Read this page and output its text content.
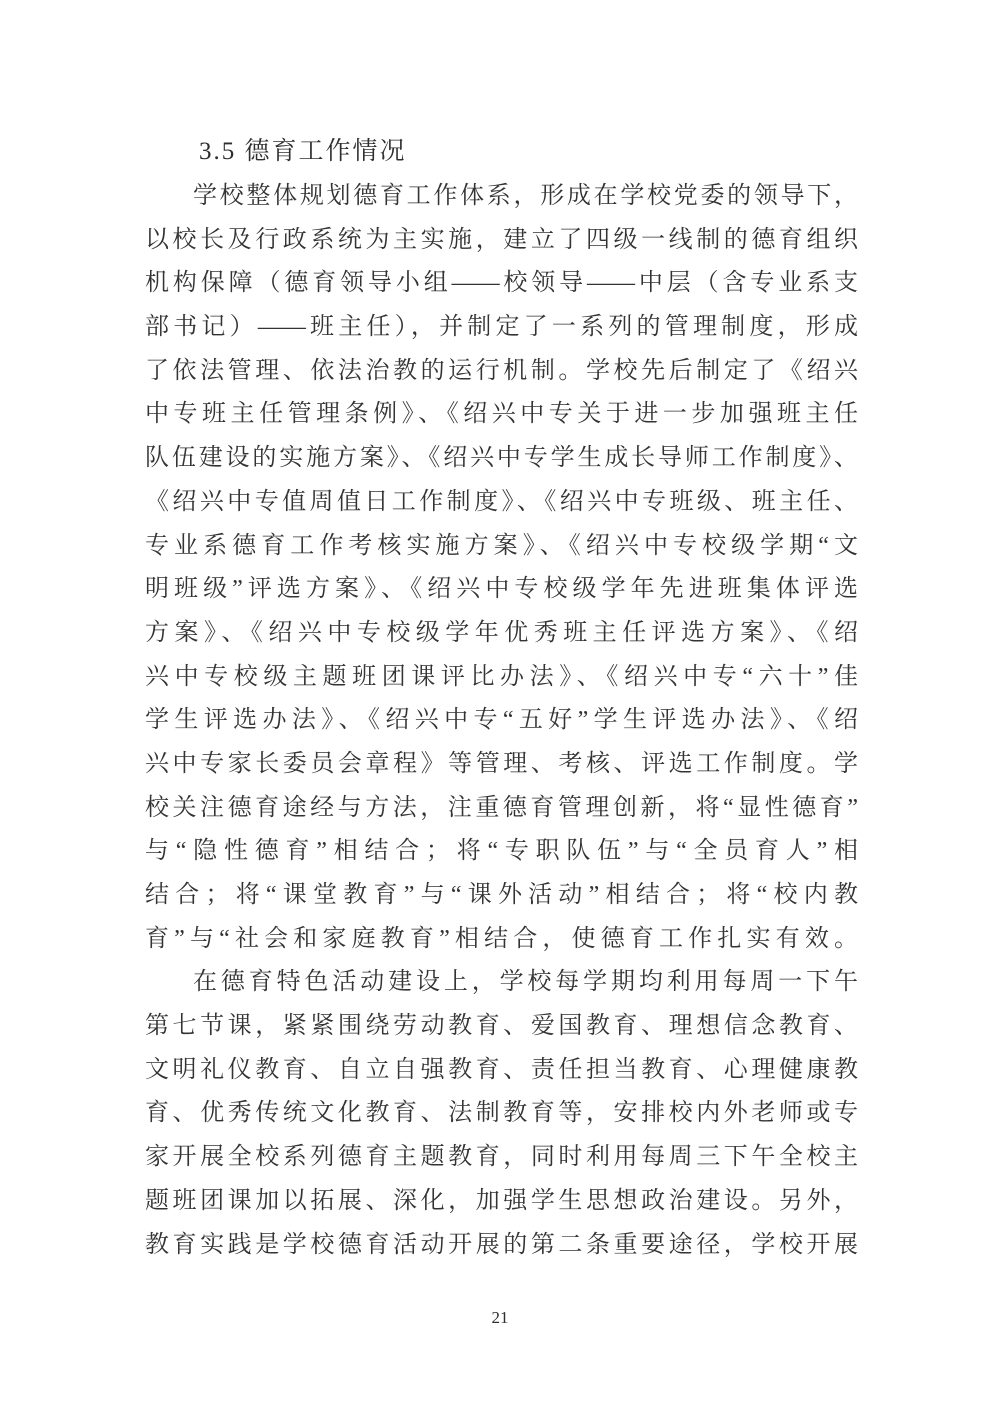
3.5 德育工作情况
学校整体规划德育工作体系，形成在学校党委的领导下，
以校长及行政系统为主实施，建立了四级一线制的德育组织
机构保障（德育领导小组——校领导——中层（含专业系支
部书记）——班主任），并制定了一系列的管理制度，形成
了依法管理、依法治教的运行机制。学校先后制定了《绍兴
中专班主任管理条例》、《绍兴中专关于进一步加强班主任
队伍建设的实施方案》、《绍兴中专学生成长导师工作制度》、
《绍兴中专值周值日工作制度》、《绍兴中专班级、班主任、
专业系德育工作考核实施方案》、《绍兴中专校级学期“文
明班级”评选方案》、《绍兴中专校级学年先进班集体评选
方案》、《绍兴中专校级学年优秀班主任评选方案》、《绍
兴中专校级主题班团课评比办法》、《绍兴中专“六十”佳
学生评选办法》、《绍兴中专“五好”学生评选办法》、《绍
兴中专家长委员会章程》等管理、考核、评选工作制度。学
校关注德育途经与方法，注重德育管理创新，将“显性德育”
与“隐性德育”相结合；将“专职队伍”与“全员育人”相
结合；将“课堂教育”与“课外活动”相结合；将“校内教
育”与“社会和家庭教育”相结合，使德育工作扎实有效。
在德育特色活动建设上，学校每学期均利用每周一下午
第七节课，紧紧围绕劳动教育、爱国教育、理想信念教育、
文明礼仪教育、自立自强教育、责任担当教育、心理健康教
育、优秀传统文化教育、法制教育等，安排校内外老师或专
家开展全校系列德育主题教育，同时利用每周三下午全校主
题班团课加以拓展、深化，加强学生思想政治建设。另外，
教育实践是学校德育活动开展的第二条重要途径，学校开展
21
